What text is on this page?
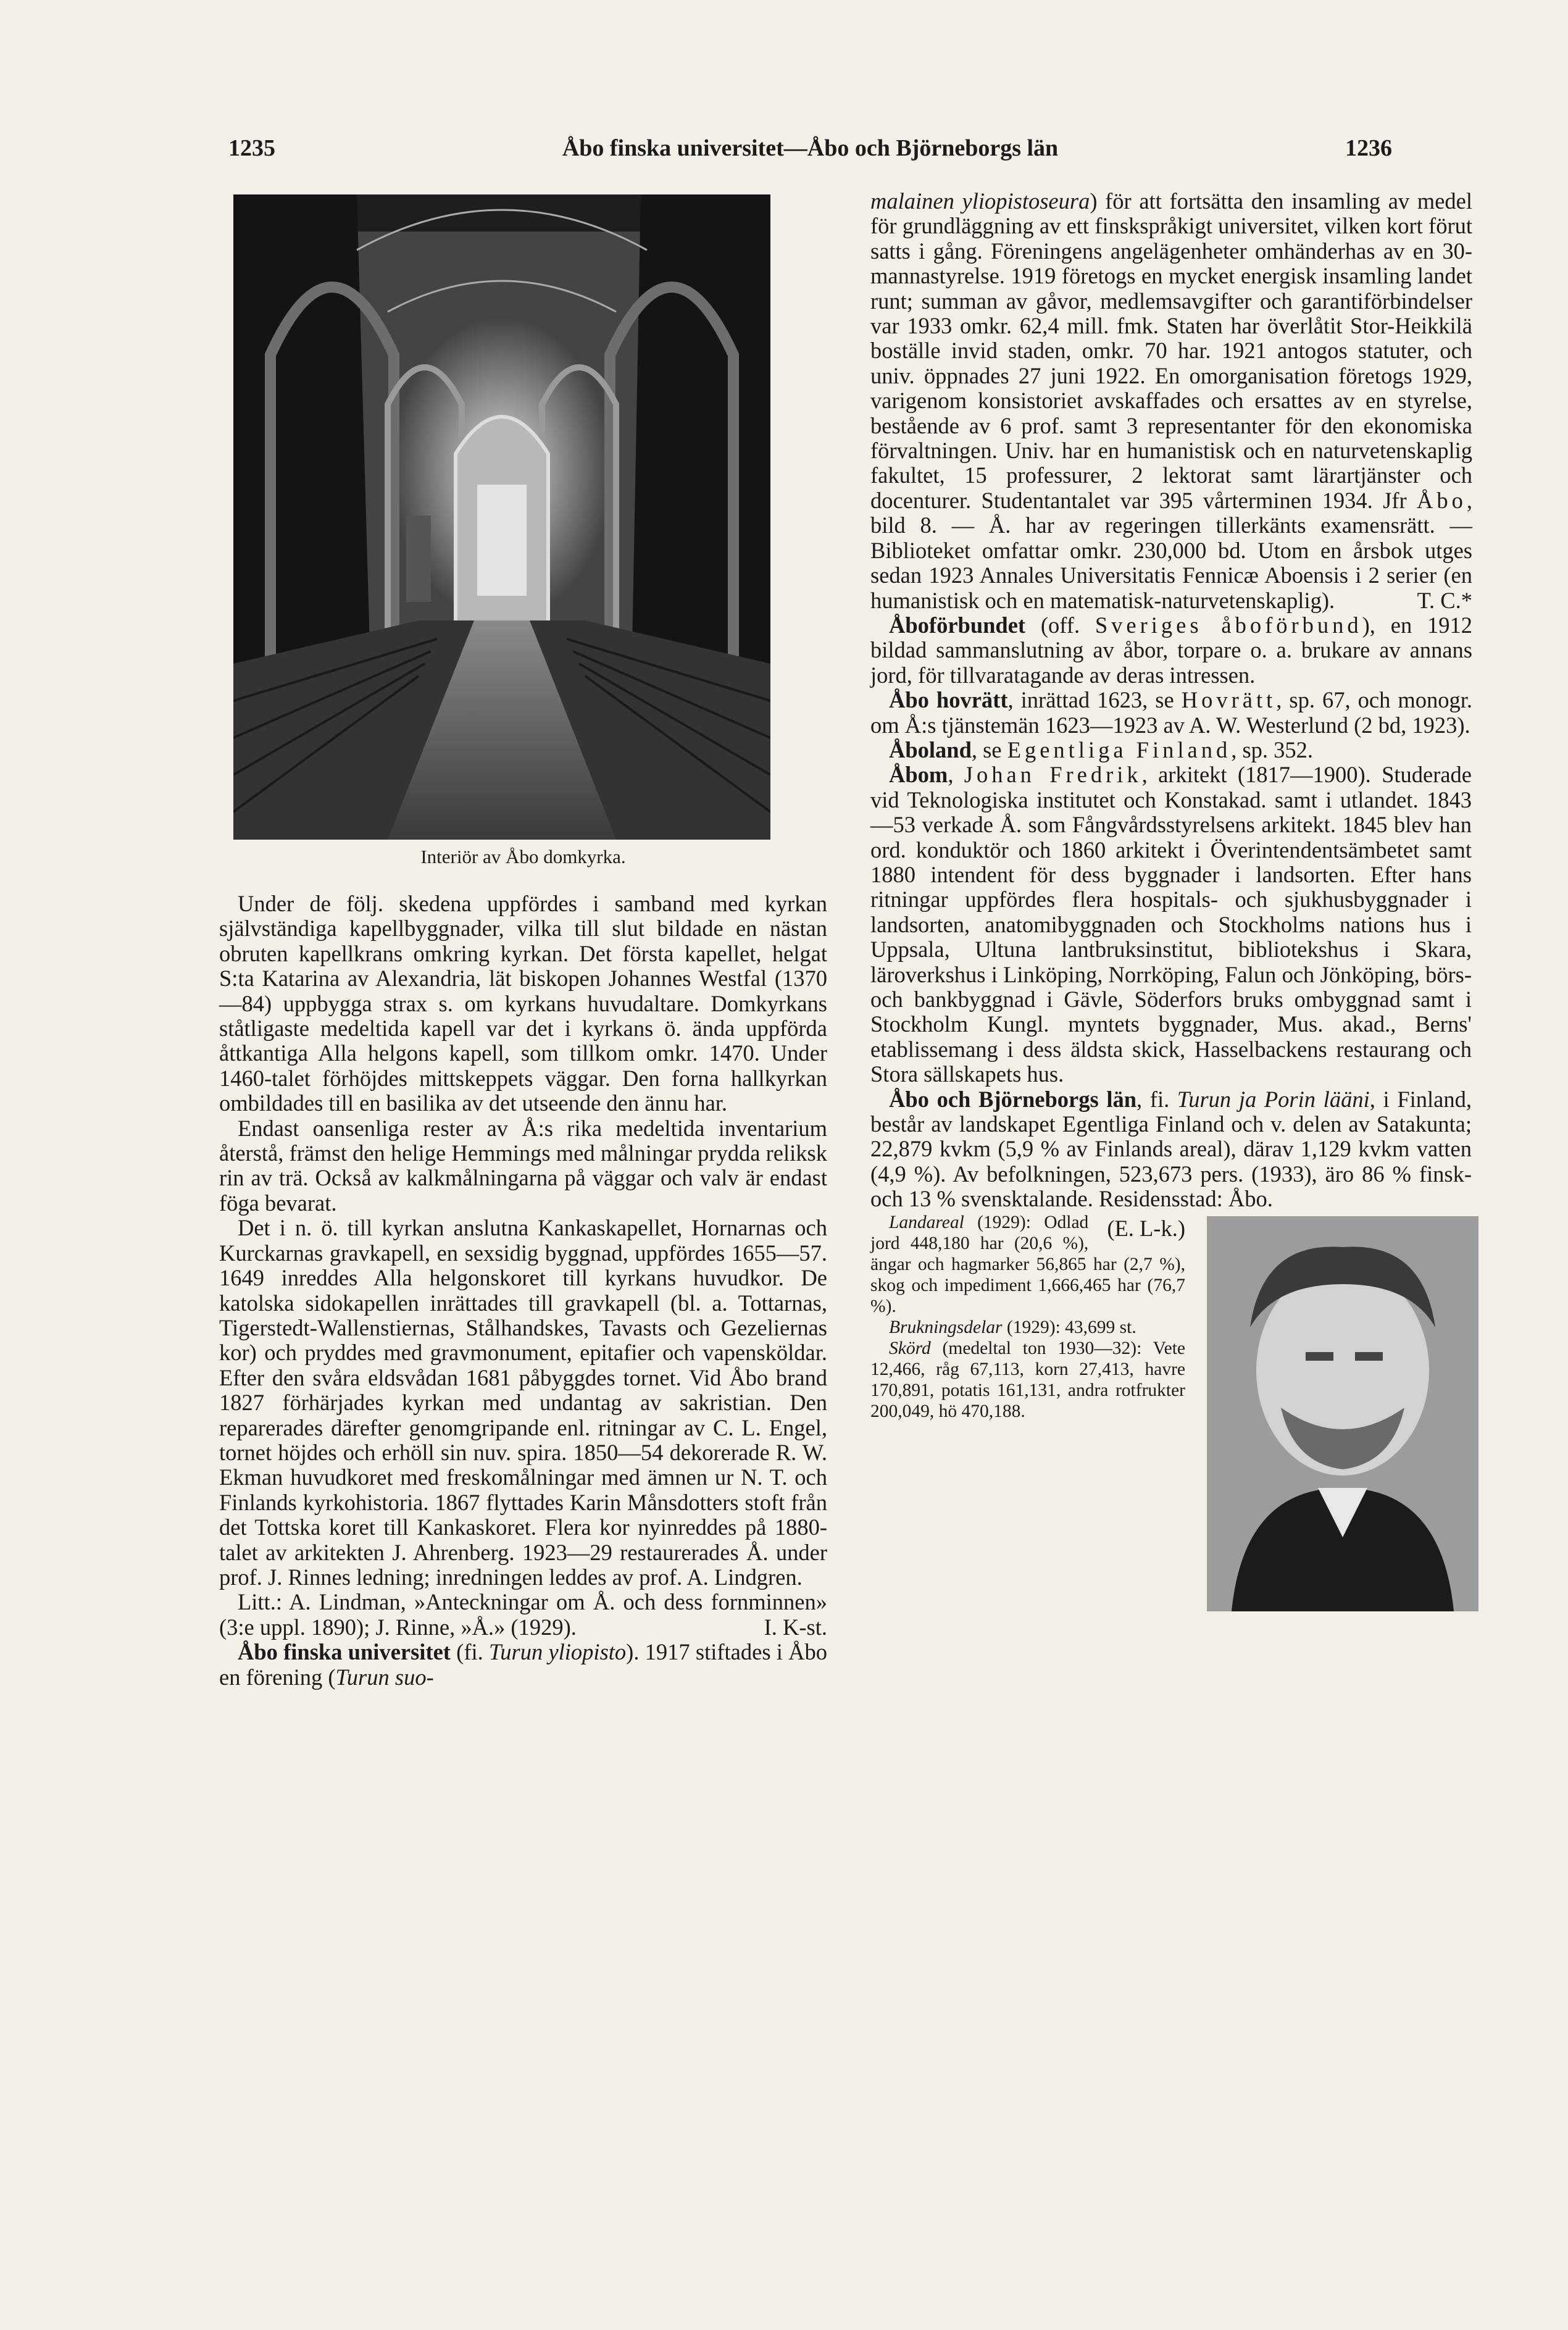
1235	Åbo finska universitet—Åbo och Björneborgs län	1236
Interiör av Åbo domkyrka.

Under de följ. skedena uppfördes i samband med kyrkan självständiga kapellbyggnader, vilka till slut bildade en nästan obruten kapellkrans omkring kyrkan. Det första kapellet, helgat S:ta Katarina av Alexandria, lät biskopen Johannes Westfal (1370—84) uppbygga strax s. om kyrkans huvudaltare. Domkyrkans ståtligaste medeltida kapell var det i kyrkans ö. ända uppförda åttkantiga Alla helgons kapell, som tillkom omkr. 1470. Under 1460-talet förhöjdes mittskeppets väggar. Den forna hallkyrkan ombildades till en basilika av det utseende den ännu har.

Endast oansenliga rester av Å:s rika medeltida inventarium återstå, främst den helige Hemmings med målningar prydda reliksk rin av trä. Också av kalkmålningarna på väggar och valv är endast föga bevarat.

Det i n. ö. till kyrkan anslutna Kankaskapellet, Hornarnas och Kurckarnas gravkapell, en sexsidig byggnad, uppfördes 1655—57. 1649 inreddes Alla helgonskoret till kyrkans huvudkor. De katolska sidokapellen inrättades till gravkapell (bl. a. Tottarnas, Tigerstedt-Wallenstiernas, Stålhandskes, Tavasts och Gezeliernas kor) och pryddes med gravmonument, epitafier och vapensköldar. Efter den svåra eldsvådan 1681 påbyggdes tornet. Vid Åbo brand 1827 förhärjades kyrkan med undantag av sakristian. Den reparerades därefter genomgripande enl. ritningar av C. L. Engel, tornet höjdes och erhöll sin nuv. spira. 1850—54 dekorerade R. W. Ekman huvudkoret med freskomålningar med ämnen ur N. T. och Finlands kyrkohistoria. 1867 flyttades Karin Månsdotters stoft från det Tottska koret till Kankaskoret. Flera kor nyinreddes på 1880-talet av arkitekten J. Ahrenberg. 1923—29 restaurerades Å. under prof. J. Rinnes ledning; inredningen leddes av prof. A. Lindgren.

Litt.: A. Lindman, »Anteckningar om Å. och dess fornminnen» (3:e uppl. 1890); J. Rinne, »Å.» (1929).	I. K-st.

Åbo finska universitet (fi. Turun yliopisto). 1917 stiftades i Åbo en förening (Turun suo-

malainen yliopistoseura) för att fortsätta den insamling av medel för grundläggning av ett finskspråkigt universitet, vilken kort förut satts i gång. Föreningens angelägenheter omhänderhas av en 30-mannastyrelse. 1919 företogs en mycket energisk insamling landet runt; summan av gåvor, medlemsavgifter och garantiförbindelser var 1933 omkr. 62,4 mill. fmk. Staten har överlåtit Stor-Heikkilä boställe invid staden, omkr. 70 har. 1921 antogos statuter, och univ. öppnades 27 juni 1922. En omorganisation företogs 1929, varigenom konsistoriet avskaffades och ersattes av en styrelse, bestående av 6 prof. samt 3 representanter för den ekonomiska förvaltningen. Univ. har en humanistisk och en naturvetenskaplig fakultet, 15 professurer, 2 lektorat samt lärartjänster och docenturer. Studentantalet var 395 vårterminen 1934. Jfr Åbo, bild 8. — Å. har av regeringen tillerkänts examensrätt. — Biblioteket omfattar omkr. 230,000 bd. Utom en årsbok utges sedan 1923 Annales Universitatis Fennicæ Aboensis i 2 serier (en humanistisk och en matematisk-naturvetenskaplig).	T. C.*

Åboförbundet (off. Sveriges åboförbund), en 1912 bildad sammanslutning av åbor, torpare o. a. brukare av annans jord, för tillvaratagande av deras intressen.

Åbo hovrätt, inrättad 1623, se Hovrätt, sp. 67, och monogr. om Å:s tjänstemän 1623—1923 av A. W. Westerlund (2 bd, 1923).

Åboland, se Egentliga Finland, sp. 352.

Åbom, Johan Fredrik, arkitekt (1817—1900). Studerade vid Teknologiska institutet och Konstakad. samt i utlandet. 1843—53 verkade Å. som Fångvårdsstyrelsens arkitekt. 1845 blev han ord. konduktör och 1860 arkitekt i Överintendentsämbetet samt 1880 intendent för dess byggnader i landsorten. Efter hans ritningar uppfördes flera hospitals- och sjukhusbyggnader i landsorten, anatomibyggnaden och Stockholms nations hus i Uppsala, Ultuna lantbruksinstitut, bibliotekshus i Skara, läroverkshus i Linköping, Norrköping, Falun och Jönköping, börs- och bankbyggnad i Gävle, Söderfors bruks ombyggnad samt i Stockholm Kungl. myntets byggnader, Mus. akad., Berns' etablissemang i dess äldsta skick, Hasselbackens restaurang och Stora sällskapets hus.
(E. L-k.)

Åbo och Björneborgs län, fi. Turun ja Porin lääni, i Finland, består av landskapet Egentliga Finland och v. delen av Satakunta; 22,879 kvkm (5,9 % av Finlands areal), därav 1,129 kvkm vatten (4,9 %). Av befolkningen, 523,673 pers. (1933), äro 86 % finsk- och 13 % svensktalande. Residensstad: Åbo.

Landareal (1929): Odlad jord 448,180 har (20,6 %), ängar och hagmarker 56,865 har (2,7 %), skog och impediment 1,666,465 har (76,7 %).

Brukningsdelar (1929): 43,699 st.

Skörd (medeltal ton 1930—32): Vete 12,466, råg 67,113, korn 27,413, havre 170,891, potatis 161,131, andra rotfrukter 200,049, hö 470,188.
